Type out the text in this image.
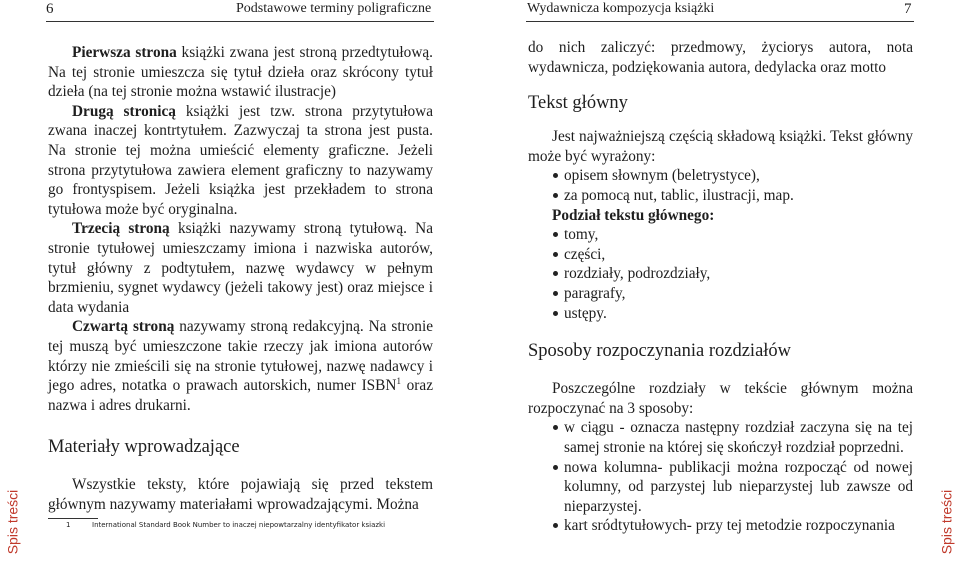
6	Podstawowe terminy poligraficzne

Pierwsza strona książki zwana jest stroną przedtytułową. Na tej stronie umieszcza się tytuł dzieła oraz skrócony tytuł dzieła (na tej stronie można wstawić ilustracje)

Drugą stronicą książki jest tzw. strona przytytułowa zwana inaczej kontrtytułem. Zazwyczaj ta strona jest pusta. Na stronie tej można umieścić elementy graficzne. Jeżeli strona przytytułowa zawiera element graficzny to nazywamy go frontyspisem. Jeżeli książka jest przekładem to strona tytułowa może być oryginalna.

Trzecią stroną książki nazywamy stroną tytułową. Na stronie tytułowej umieszczamy imiona i nazwiska autorów, tytuł główny z podtytułem, nazwę wydawcy w pełnym brzmieniu, sygnet wydawcy (jeżeli takowy jest) oraz miejsce i data wydania

Czwartą stroną nazywamy stroną redakcyjną. Na stronie tej muszą być umieszczone takie rzeczy jak imiona autorów którzy nie zmieścili się na stronie tytułowej, nazwę nadawcy i jego adres, notatka o prawach autorskich, numer ISBN$^1$ oraz nazwa i adres drukarni.

Materiały wprowadzające

Wszystkie teksty, które pojawiają się przed tekstem głównym nazywamy materiałami wprowadzającymi. Można

1	International Standard Book Number to inaczej niepowtarzalny identyfikator ksiazki
Spis treści
Wydawnicza kompozycja książki	7

do nich zaliczyć: przedmowy, życiorys autora, nota wydawnicza, podziękowania autora, dedylacka oraz motto

Tekst główny

Jest najważniejszą częścią składową książki. Tekst główny może być wyrażony:

opisem słownym (beletrystyce),
za pomocą nut, tablic, ilustracji, map.

Podział tekstu głównego:

tomy,
części,
rozdziały, podrozdziały,
paragrafy,
ustępy.
Sposoby rozpoczynania rozdziałów

Poszczególne rozdziały w tekście głównym można rozpoczynać na 3 sposoby:

w ciągu - oznacza następny rozdział zaczyna się na tej samej stronie na której się skończył rozdział poprzedni.
nowa kolumna- publikacji można rozpocząć od nowej kolumny, od parzystej lub nieparzystej lub zawsze od nieparzystej.
kart sródtytułowych- przy tej metodzie rozpoczynania	Spis treści
